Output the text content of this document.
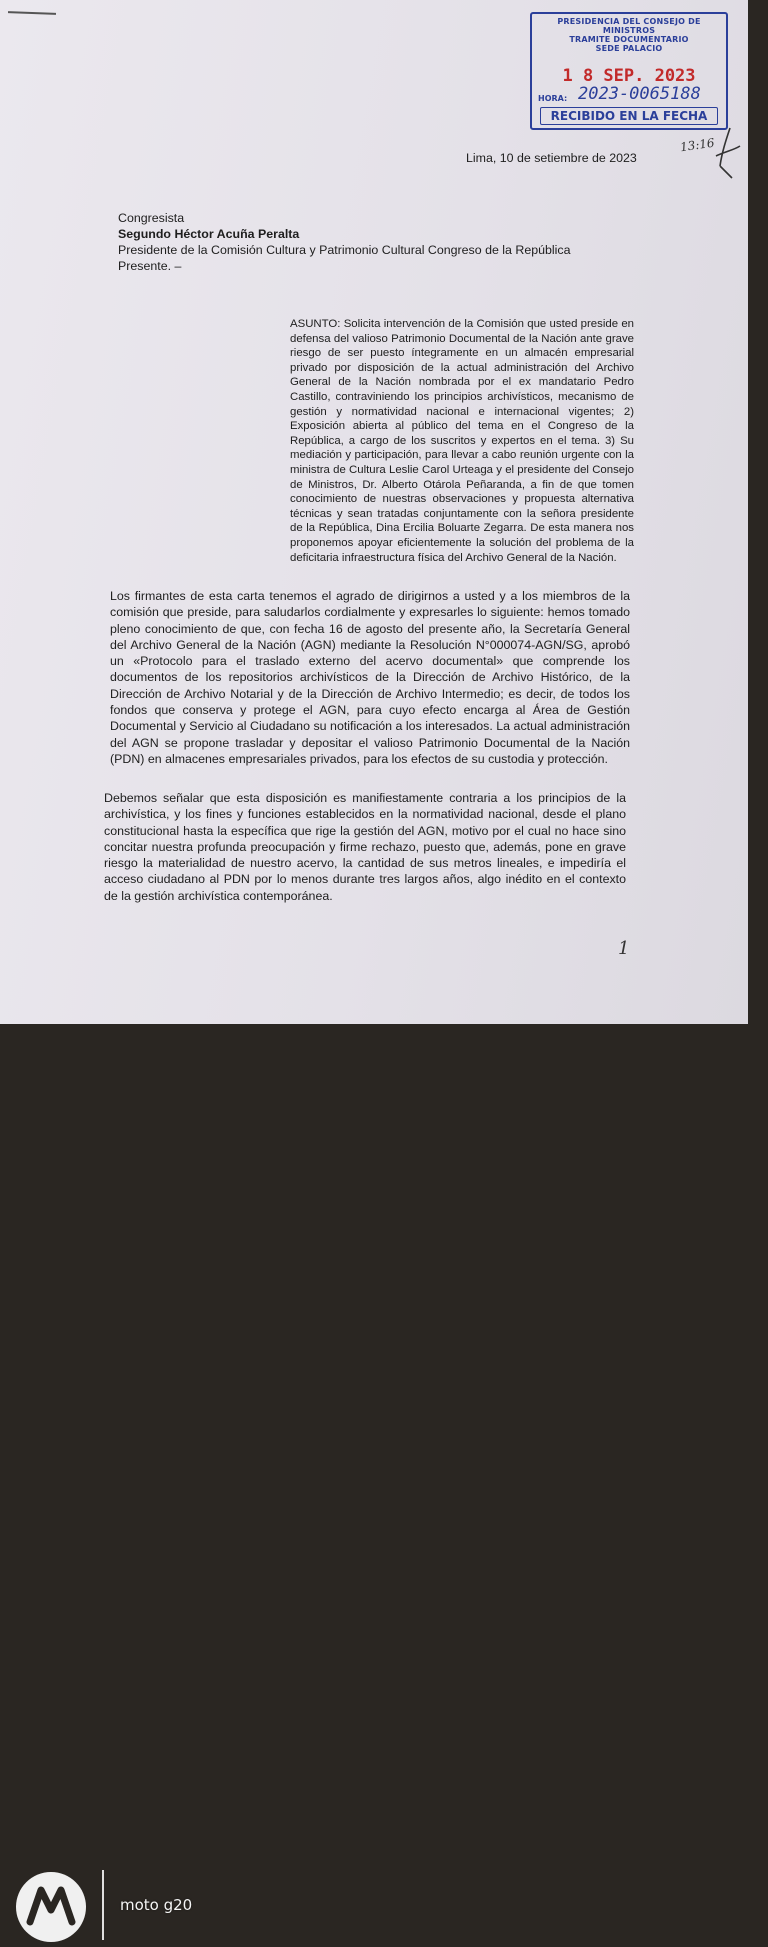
PRESIDENCIA DEL CONSEJO DE MINISTROS
TRAMITE DOCUMENTARIO
SEDE PALACIO
1 8 SEP. 2023
HORA: 2023-0065188
RECIBIDO EN LA FECHA
13:16
Lima, 10 de setiembre de 2023
Congresista
Segundo Héctor Acuña Peralta
Presidente de la Comisión Cultura y Patrimonio Cultural Congreso de la República
Presente. –
ASUNTO: Solicita intervención de la Comisión que usted preside en defensa del valioso Patrimonio Documental de la Nación ante grave riesgo de ser puesto íntegramente en un almacén empresarial privado por disposición de la actual administración del Archivo General de la Nación nombrada por el ex mandatario Pedro Castillo, contraviniendo los principios archivísticos, mecanismo de gestión y normatividad nacional e internacional vigentes; 2) Exposición abierta al público del tema en el Congreso de la República, a cargo de los suscritos y expertos en el tema. 3) Su mediación y participación, para llevar a cabo reunión urgente con la ministra de Cultura Leslie Carol Urteaga y el presidente del Consejo de Ministros, Dr. Alberto Otárola Peñaranda, a fin de que tomen conocimiento de nuestras observaciones y propuesta alternativa técnicas y sean tratadas conjuntamente con la señora presidente de la República, Dina Ercilia Boluarte Zegarra. De esta manera nos proponemos apoyar eficientemente la solución del problema de la deficitaria infraestructura física del Archivo General de la Nación.
Los firmantes de esta carta tenemos el agrado de dirigirnos a usted y a los miembros de la comisión que preside, para saludarlos cordialmente y expresarles lo siguiente: hemos tomado pleno conocimiento de que, con fecha 16 de agosto del presente año, la Secretaría General del Archivo General de la Nación (AGN) mediante la Resolución N°000074-AGN/SG, aprobó un «Protocolo para el traslado externo del acervo documental» que comprende los documentos de los repositorios archivísticos de la Dirección de Archivo Histórico, de la Dirección de Archivo Notarial y de la Dirección de Archivo Intermedio; es decir, de todos los fondos que conserva y protege el AGN, para cuyo efecto encarga al Área de Gestión Documental y Servicio al Ciudadano su notificación a los interesados. La actual administración del AGN se propone trasladar y depositar el valioso Patrimonio Documental de la Nación (PDN) en almacenes empresariales privados, para los efectos de su custodia y protección.
Debemos señalar que esta disposición es manifiestamente contraria a los principios de la archivística, y los fines y funciones establecidos en la normatividad nacional, desde el plano constitucional hasta la específica que rige la gestión del AGN, motivo por el cual no hace sino concitar nuestra profunda preocupación y firme rechazo, puesto que, además, pone en grave riesgo la materialidad de nuestro acervo, la cantidad de sus metros lineales, e impediría el acceso ciudadano al PDN por lo menos durante tres largos años, algo inédito en el contexto de la gestión archivística contemporánea.
1
moto g20
